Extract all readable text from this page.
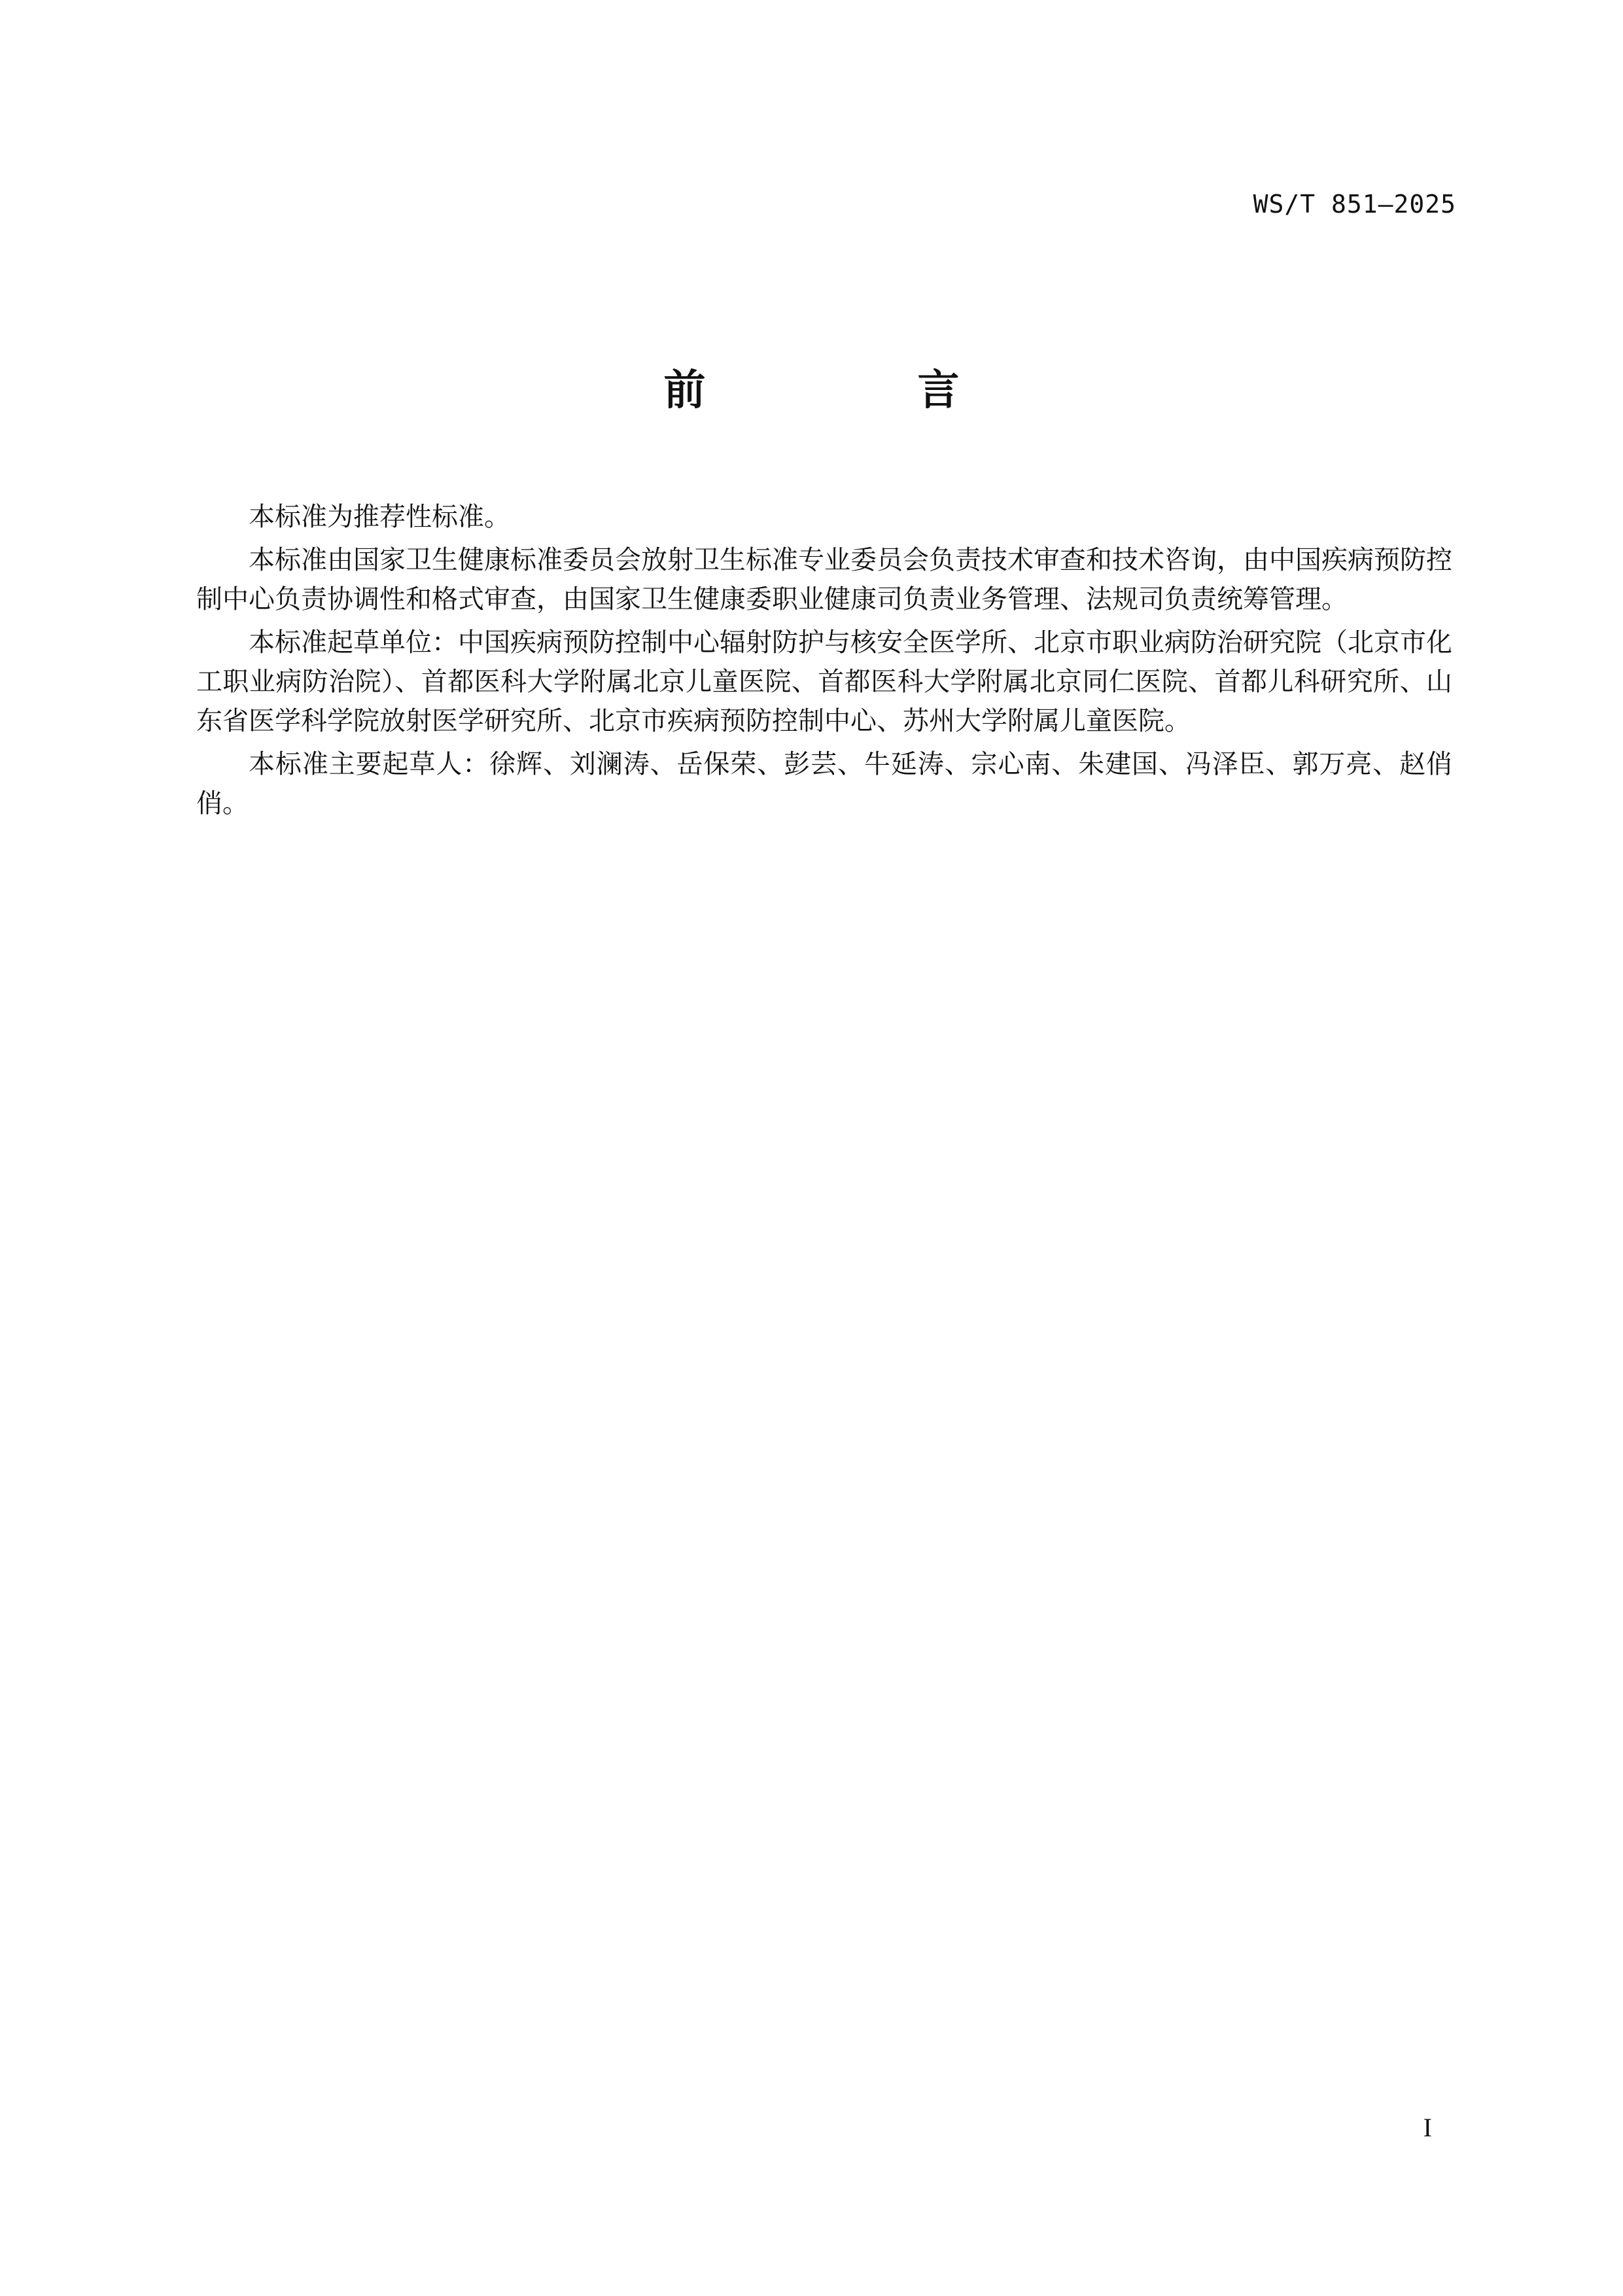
WS/T 851—2025
前　言

本标准为推荐性标准。

本标准由国家卫生健康标准委员会放射卫生标准专业委员会负责技术审查和技术咨询，由中国疾病预防控制中心负责协调性和格式审查，由国家卫生健康委职业健康司负责业务管理、法规司负责统筹管理。

本标准起草单位：中国疾病预防控制中心辐射防护与核安全医学所、北京市职业病防治研究院（北京市化工职业病防治院）、首都医科大学附属北京儿童医院、首都医科大学附属北京同仁医院、首都儿科研究所、山东省医学科学院放射医学研究所、北京市疾病预防控制中心、苏州大学附属儿童医院。

本标准主要起草人：徐辉、刘澜涛、岳保荣、彭芸、牛延涛、宗心南、朱建国、冯泽臣、郭万亮、赵俏俏。

I
